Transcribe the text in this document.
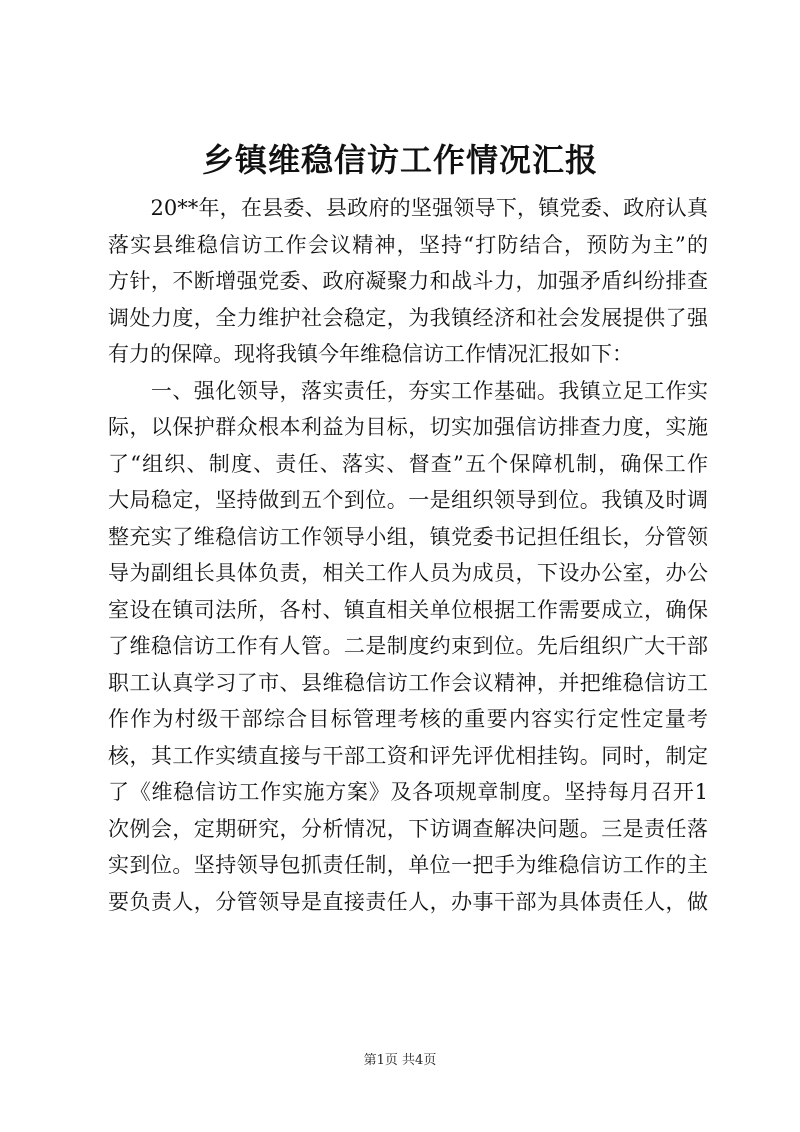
乡镇维稳信访工作情况汇报
　　20**年，在县委、县政府的坚强领导下，镇党委、政府认真
落实县维稳信访工作会议精神，坚持“打防结合，预防为主”的
方针，不断增强党委、政府凝聚力和战斗力，加强矛盾纠纷排查
调处力度，全力维护社会稳定，为我镇经济和社会发展提供了强
有力的保障。现将我镇今年维稳信访工作情况汇报如下：
　　一、强化领导，落实责任，夯实工作基础。我镇立足工作实
际，以保护群众根本利益为目标，切实加强信访排查力度，实施
了“组织、制度、责任、落实、督查”五个保障机制，确保工作
大局稳定，坚持做到五个到位。一是组织领导到位。我镇及时调
整充实了维稳信访工作领导小组，镇党委书记担任组长，分管领
导为副组长具体负责，相关工作人员为成员，下设办公室，办公
室设在镇司法所，各村、镇直相关单位根据工作需要成立，确保
了维稳信访工作有人管。二是制度约束到位。先后组织广大干部
职工认真学习了市、县维稳信访工作会议精神，并把维稳信访工
作作为村级干部综合目标管理考核的重要内容实行定性定量考
核，其工作实绩直接与干部工资和评先评优相挂钩。同时，制定
了《维稳信访工作实施方案》及各项规章制度。坚持每月召开1
次例会，定期研究，分析情况，下访调查解决问题。三是责任落
实到位。坚持领导包抓责任制，单位一把手为维稳信访工作的主
要负责人，分管领导是直接责任人，办事干部为具体责任人，做
第1页 共4页
